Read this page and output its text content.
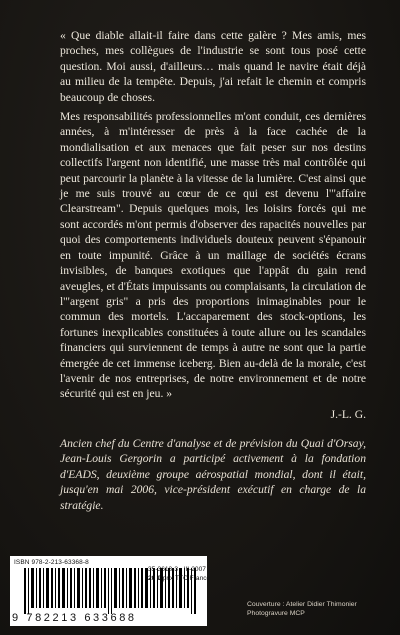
« Que diable allait-il faire dans cette galère ? Mes amis, mes proches, mes collègues de l'industrie se sont tous posé cette question. Moi aussi, d'ailleurs… mais quand le navire était déjà au milieu de la tempête. Depuis, j'ai refait le chemin et compris beaucoup de choses.

Mes responsabilités professionnelles m'ont conduit, ces dernières années, à m'intéresser de près à la face cachée de la mondialisation et aux menaces que fait peser sur nos destins collectifs l'argent non identifié, une masse très mal contrôlée qui peut parcourir la planète à la vitesse de la lumière. C'est ainsi que je me suis trouvé au cœur de ce qui est devenu l'"affaire Clearstream". Depuis quelques mois, les loisirs forcés qui me sont accordés m'ont permis d'observer des rapacités nouvelles par quoi des comportements individuels douteux peuvent s'épanouir en toute impunité. Grâce à un maillage de sociétés écrans invisibles, de banques exotiques que l'appât du gain rend aveugles, et d'États impuissants ou complaisants, la circulation de l'"argent gris" a pris des proportions inimaginables pour le commun des mortels. L'accaparement des stock-options, les fortunes inexplicables constituées à toute allure ou les scandales financiers qui surviennent de temps à autre ne sont que la partie émergée de cet immense iceberg. Bien au-delà de la morale, c'est l'avenir de nos entreprises, de notre environnement et de notre sécurité qui est en jeu. »

J.-L. G.
Ancien chef du Centre d'analyse et de prévision du Quai d'Orsay, Jean-Louis Gergorin a participé activement à la fondation d'EADS, deuxième groupe aérospatial mondial, dont il était, jusqu'en mai 2006, vice-président exécutif en charge de la stratégie.
ISBN 978-2-213-63368-8
9 782213 633688
35-3613-3 III-2007
20 € prix TTC France
Couverture : Atelier Didier Thimonier
Photogravure MCP
